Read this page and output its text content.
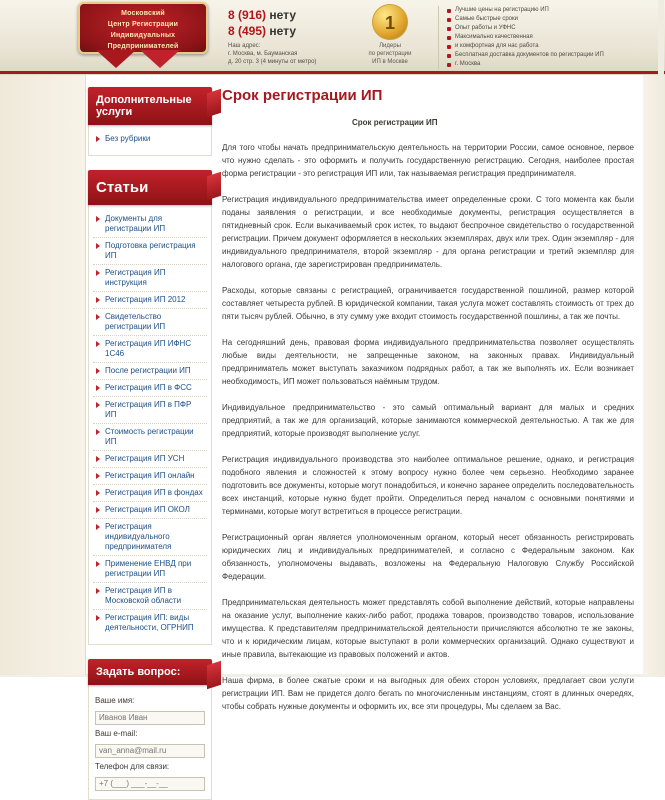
Московский
Центр Регистрации
Индивидуальных
Предпринимателей
8 (916) нету
8 (495) нету
Наш адрес:
г. Москва, м. Бауманская
д. 20 стр. 3 (4 минуты от метро)
1
Лидеры
по регистрации
ИП в Москве
Лучшие цены на регистрацию ИП
Самые быстрые сроки
Опыт работы и УФНС
Максимально качественная
и комфортная для нас работа
Бесплатная доставка документов по регистрации ИП
г. Москва
Дополнительные услуги
Без рубрики
Статьи
Документы для регистрации ИП
Подготовка регистрация ИП
Регистрация ИП инструкция
Регистрация ИП 2012
Свидетельство регистрации ИП
Регистрация ИП ИФНС 1С46
После регистрации ИП
Регистрация ИП в ФСС
Регистрация ИП в ПФР ИП
Стоимость регистрации ИП
Регистрация ИП УСН
Регистрация ИП онлайн
Регистрация ИП в фондах
Регистрация ИП ОКОЛ
Регистрация индивидуального предпринимателя
Применение ЕНВД при регистрации ИП
Регистрация ИП в Московской области
Регистрация ИП: виды деятельности, ОГРНИП
Задать вопрос:
Ваше имя:
Иванов Иван
Ваш e-mail:
van_anna@mail.ru
Телефон для связи:
+7 (___) ___-__-__
Срок регистрации ИП
Срок регистрации ИП

Для того чтобы начать предпринимательскую деятельность на территории России, самое основное, первое что нужно сделать - это оформить и получить государственную регистрацию. Сегодня, наиболее простая форма регистрации - это регистрация ИП или, так называемая регистрация предпринимателя.

Регистрация индивидуального предпринимательства имеет определенные сроки. С того момента как были поданы заявления о регистрации, и все необходимые документы, регистрация осуществляется в пятидневный срок. Если выкачиваемый срок истек, то выдают беспрочное свидетельство о государственной регистрации. Причем документ оформляется в нескольких экземплярах, двух или трех. Один экземпляр - для индивидуального предпринимателя, второй экземпляр - для органа регистрации и третий экземпляр для налогового органа, где зарегистрирован предприниматель.

Расходы, которые связаны с регистрацией, ограничивается государственной пошлиной, размер которой составляет четыреста рублей. В юридической компании, такая услуга может составлять стоимость от трех до пяти тысяч рублей. Обычно, в эту сумму уже входит стоимость государственной пошлины, а так же почты.

На сегодняшний день, правовая форма индивидуального предпринимательства позволяет осуществлять любые виды деятельности, не запрещенные законом, на законных правах. Индивидуальный предприниматель может выступать заказчиком подрядных работ, а так же выполнять их. Если возникает необходимость, ИП может пользоваться наёмным трудом.

Индивидуальное предпринимательство - это самый оптимальный вариант для малых и средних предприятий, а так же для организаций, которые занимаются коммерческой деятельностью. А так же для предприятий, которые производят выполнение услуг.

Регистрация индивидуального производства это наиболее оптимальное решение, однако, и регистрация подобного явления и сложностей к этому вопросу нужно более чем серьезно. Необходимо заранее подготовить все документы, которые могут понадобиться, и конечно заранее определить последовательность всех инстанций, которые нужно будет пройти. Определиться перед началом с основными понятиями и терминами, которые могут встретиться в процессе регистрации.

Регистрационный орган является уполномоченным органом, который несет обязанность регистрировать юридических лиц и индивидуальных предпринимателей, и согласно с Федеральным законом. Как обязанность, уполномочены выдавать, возложены на Федеральную Налоговую Службу Российской Федерации.

Предпринимательская деятельность может представлять собой выполнение действий, которые направлены на оказание услуг, выполнение каких-либо работ, продажа товаров, производство товаров, использование имущества. К представителям предпринимательской деятельности причисляются абсолютно те же законы, что и к юридическим лицам, которые выступают в роли коммерческих организаций. Однако существуют и иные правила, вытекающие из правовых положений и актов.

Наша фирма, в более сжатые сроки и на выгодных для обеих сторон условиях, предлагает свои услуги регистрации ИП. Вам не придется долго бегать по многочисленным инстанциям, стоят в длинных очередях, чтобы собрать нужные документы и оформить их, все эти процедуры, Мы сделаем за Вас.
